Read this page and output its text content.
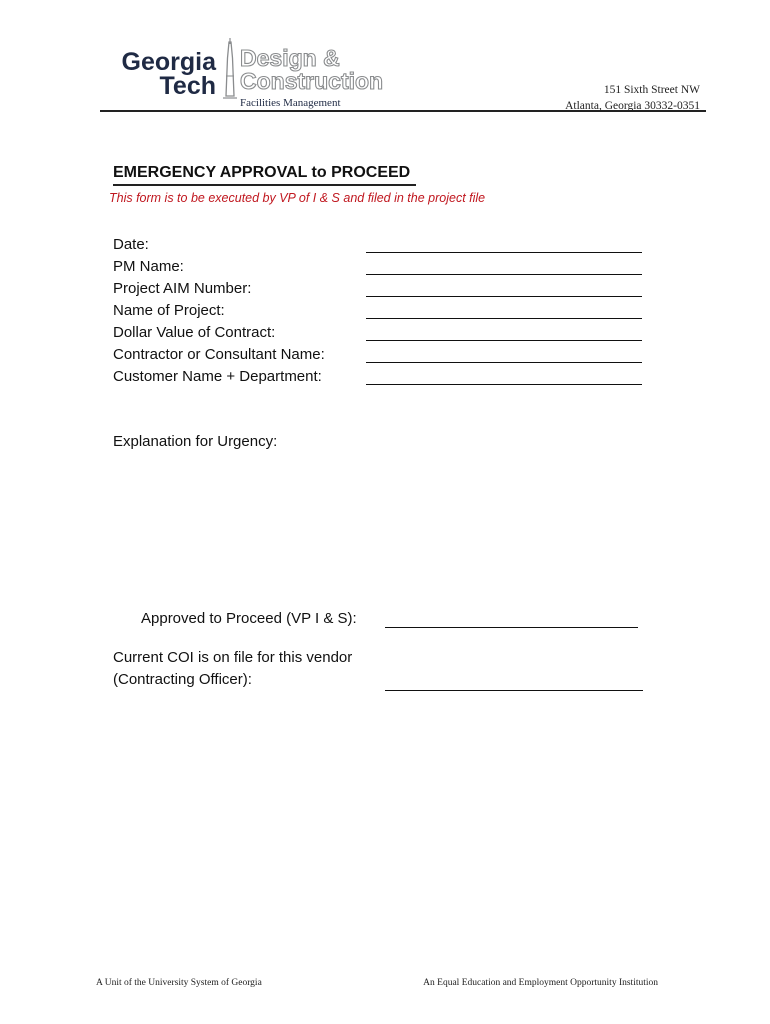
Georgia
Tech
Design &
Construction
Facilities Management
151 Sixth Street NW
Atlanta, Georgia 30332-0351
EMERGENCY APPROVAL to PROCEED
This form is to be executed by VP of I & S and filed in the project file
Date:
PM Name:
Project AIM Number:
Name of Project:
Dollar Value of Contract:
Contractor or Consultant Name:
Customer Name + Department:
Explanation for Urgency:
Approved to Proceed (VP I & S):
Current COI is on file for this vendor
(Contracting Officer):
A Unit of the University System of Georgia	An Equal Education and Employment Opportunity Institution
